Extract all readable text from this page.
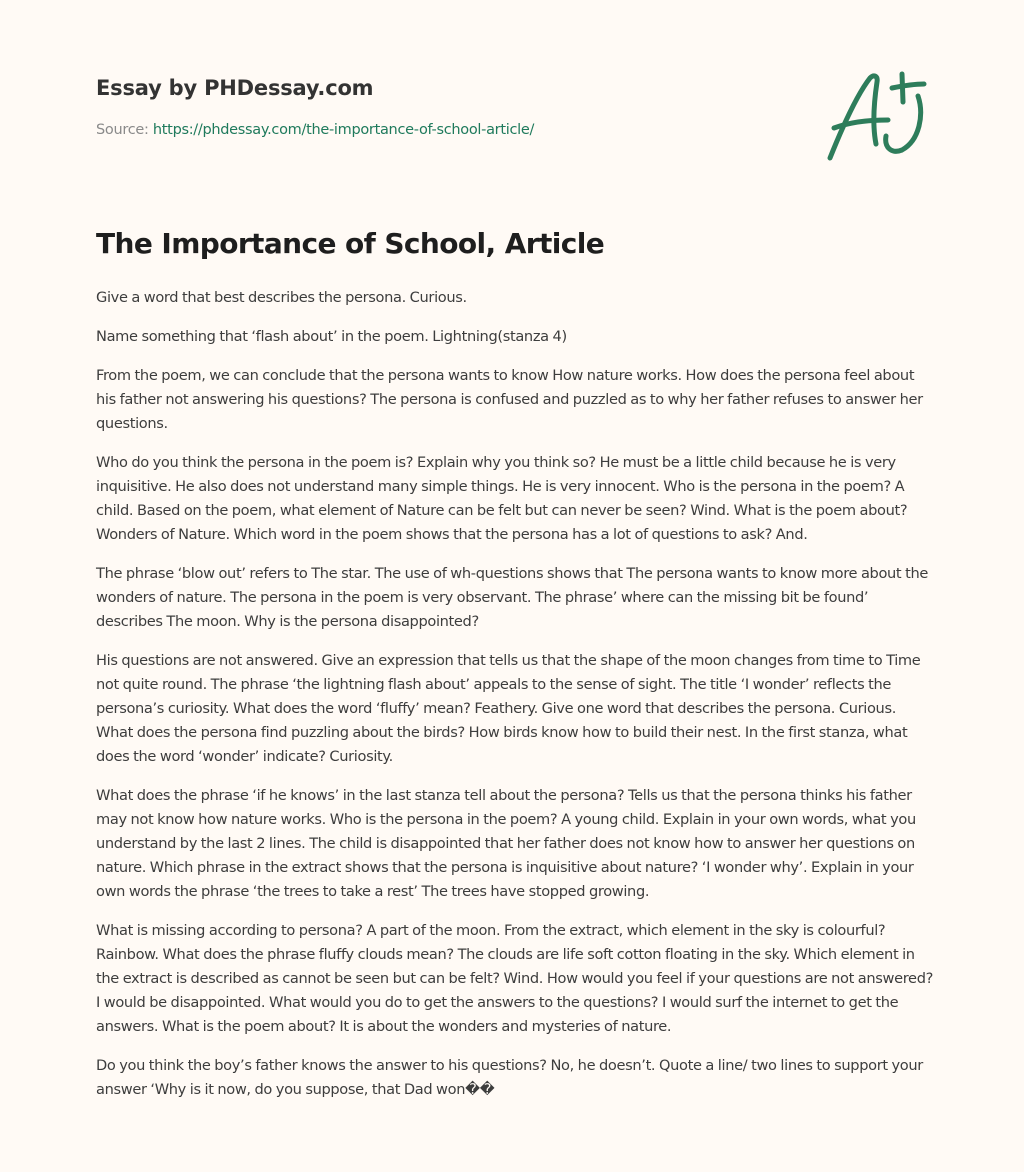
Essay by PHDessay.com
Source: https://phdessay.com/the-importance-of-school-article/
The Importance of School, Article

Give a word that best describes the persona. Curious.

Name something that ‘flash about’ in the poem. Lightning(stanza 4)

From the poem, we can conclude that the persona wants to know How nature works. How does the persona feel about his father not answering his questions? The persona is confused and puzzled as to why her father refuses to answer her questions.

Who do you think the persona in the poem is? Explain why you think so? He must be a little child because he is very inquisitive. He also does not understand many simple things. He is very innocent. Who is the persona in the poem? A child. Based on the poem, what element of Nature can be felt but can never be seen? Wind. What is the poem about? Wonders of Nature. Which word in the poem shows that the persona has a lot of questions to ask? And.

The phrase ‘blow out’ refers to The star. The use of wh-questions shows that The persona wants to know more about the wonders of nature. The persona in the poem is very observant. The phrase’ where can the missing bit be found’ describes The moon. Why is the persona disappointed?

His questions are not answered. Give an expression that tells us that the shape of the moon changes from time to Time not quite round. The phrase ‘the lightning flash about’ appeals to the sense of sight. The title ‘I wonder’ reflects the persona’s curiosity. What does the word ‘fluffy’ mean? Feathery. Give one word that describes the persona. Curious. What does the persona find puzzling about the birds? How birds know how to build their nest. In the first stanza, what does the word ‘wonder’ indicate? Curiosity.

What does the phrase ‘if he knows’ in the last stanza tell about the persona? Tells us that the persona thinks his father may not know how nature works. Who is the persona in the poem? A young child. Explain in your own words, what you understand by the last 2 lines. The child is disappointed that her father does not know how to answer her questions on nature. Which phrase in the extract shows that the persona is inquisitive about nature? ‘I wonder why’. Explain in your own words the phrase ‘the trees to take a rest’ The trees have stopped growing.

What is missing according to persona? A part of the moon. From the extract, which element in the sky is colourful? Rainbow. What does the phrase fluffy clouds mean? The clouds are life soft cotton floating in the sky. Which element in the extract is described as cannot be seen but can be felt? Wind. How would you feel if your questions are not answered? I would be disappointed. What would you do to get the answers to the questions? I would surf the internet to get the answers. What is the poem about? It is about the wonders and mysteries of nature.

Do you think the boy’s father knows the answer to his questions? No, he doesn’t. Quote a line/ two lines to support your answer ‘Why is it now, do you suppose, that Dad won��
